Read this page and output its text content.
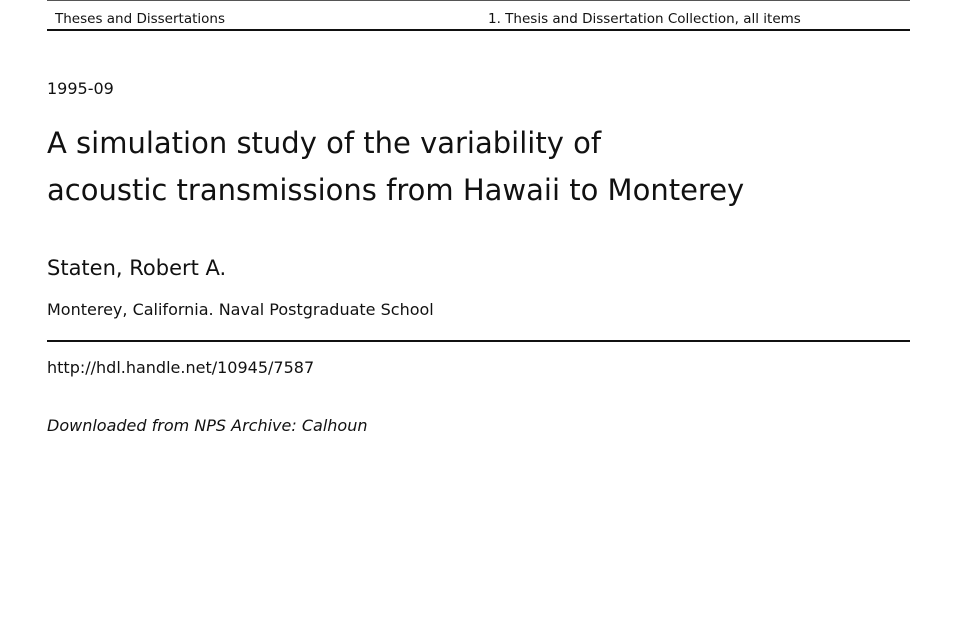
Theses and Dissertations	1. Thesis and Dissertation Collection, all items
1995-09
A simulation study of the variability of
acoustic transmissions from Hawaii to Monterey
Staten, Robert A.
Monterey, California. Naval Postgraduate School
http://hdl.handle.net/10945/7587
Downloaded from NPS Archive: Calhoun
